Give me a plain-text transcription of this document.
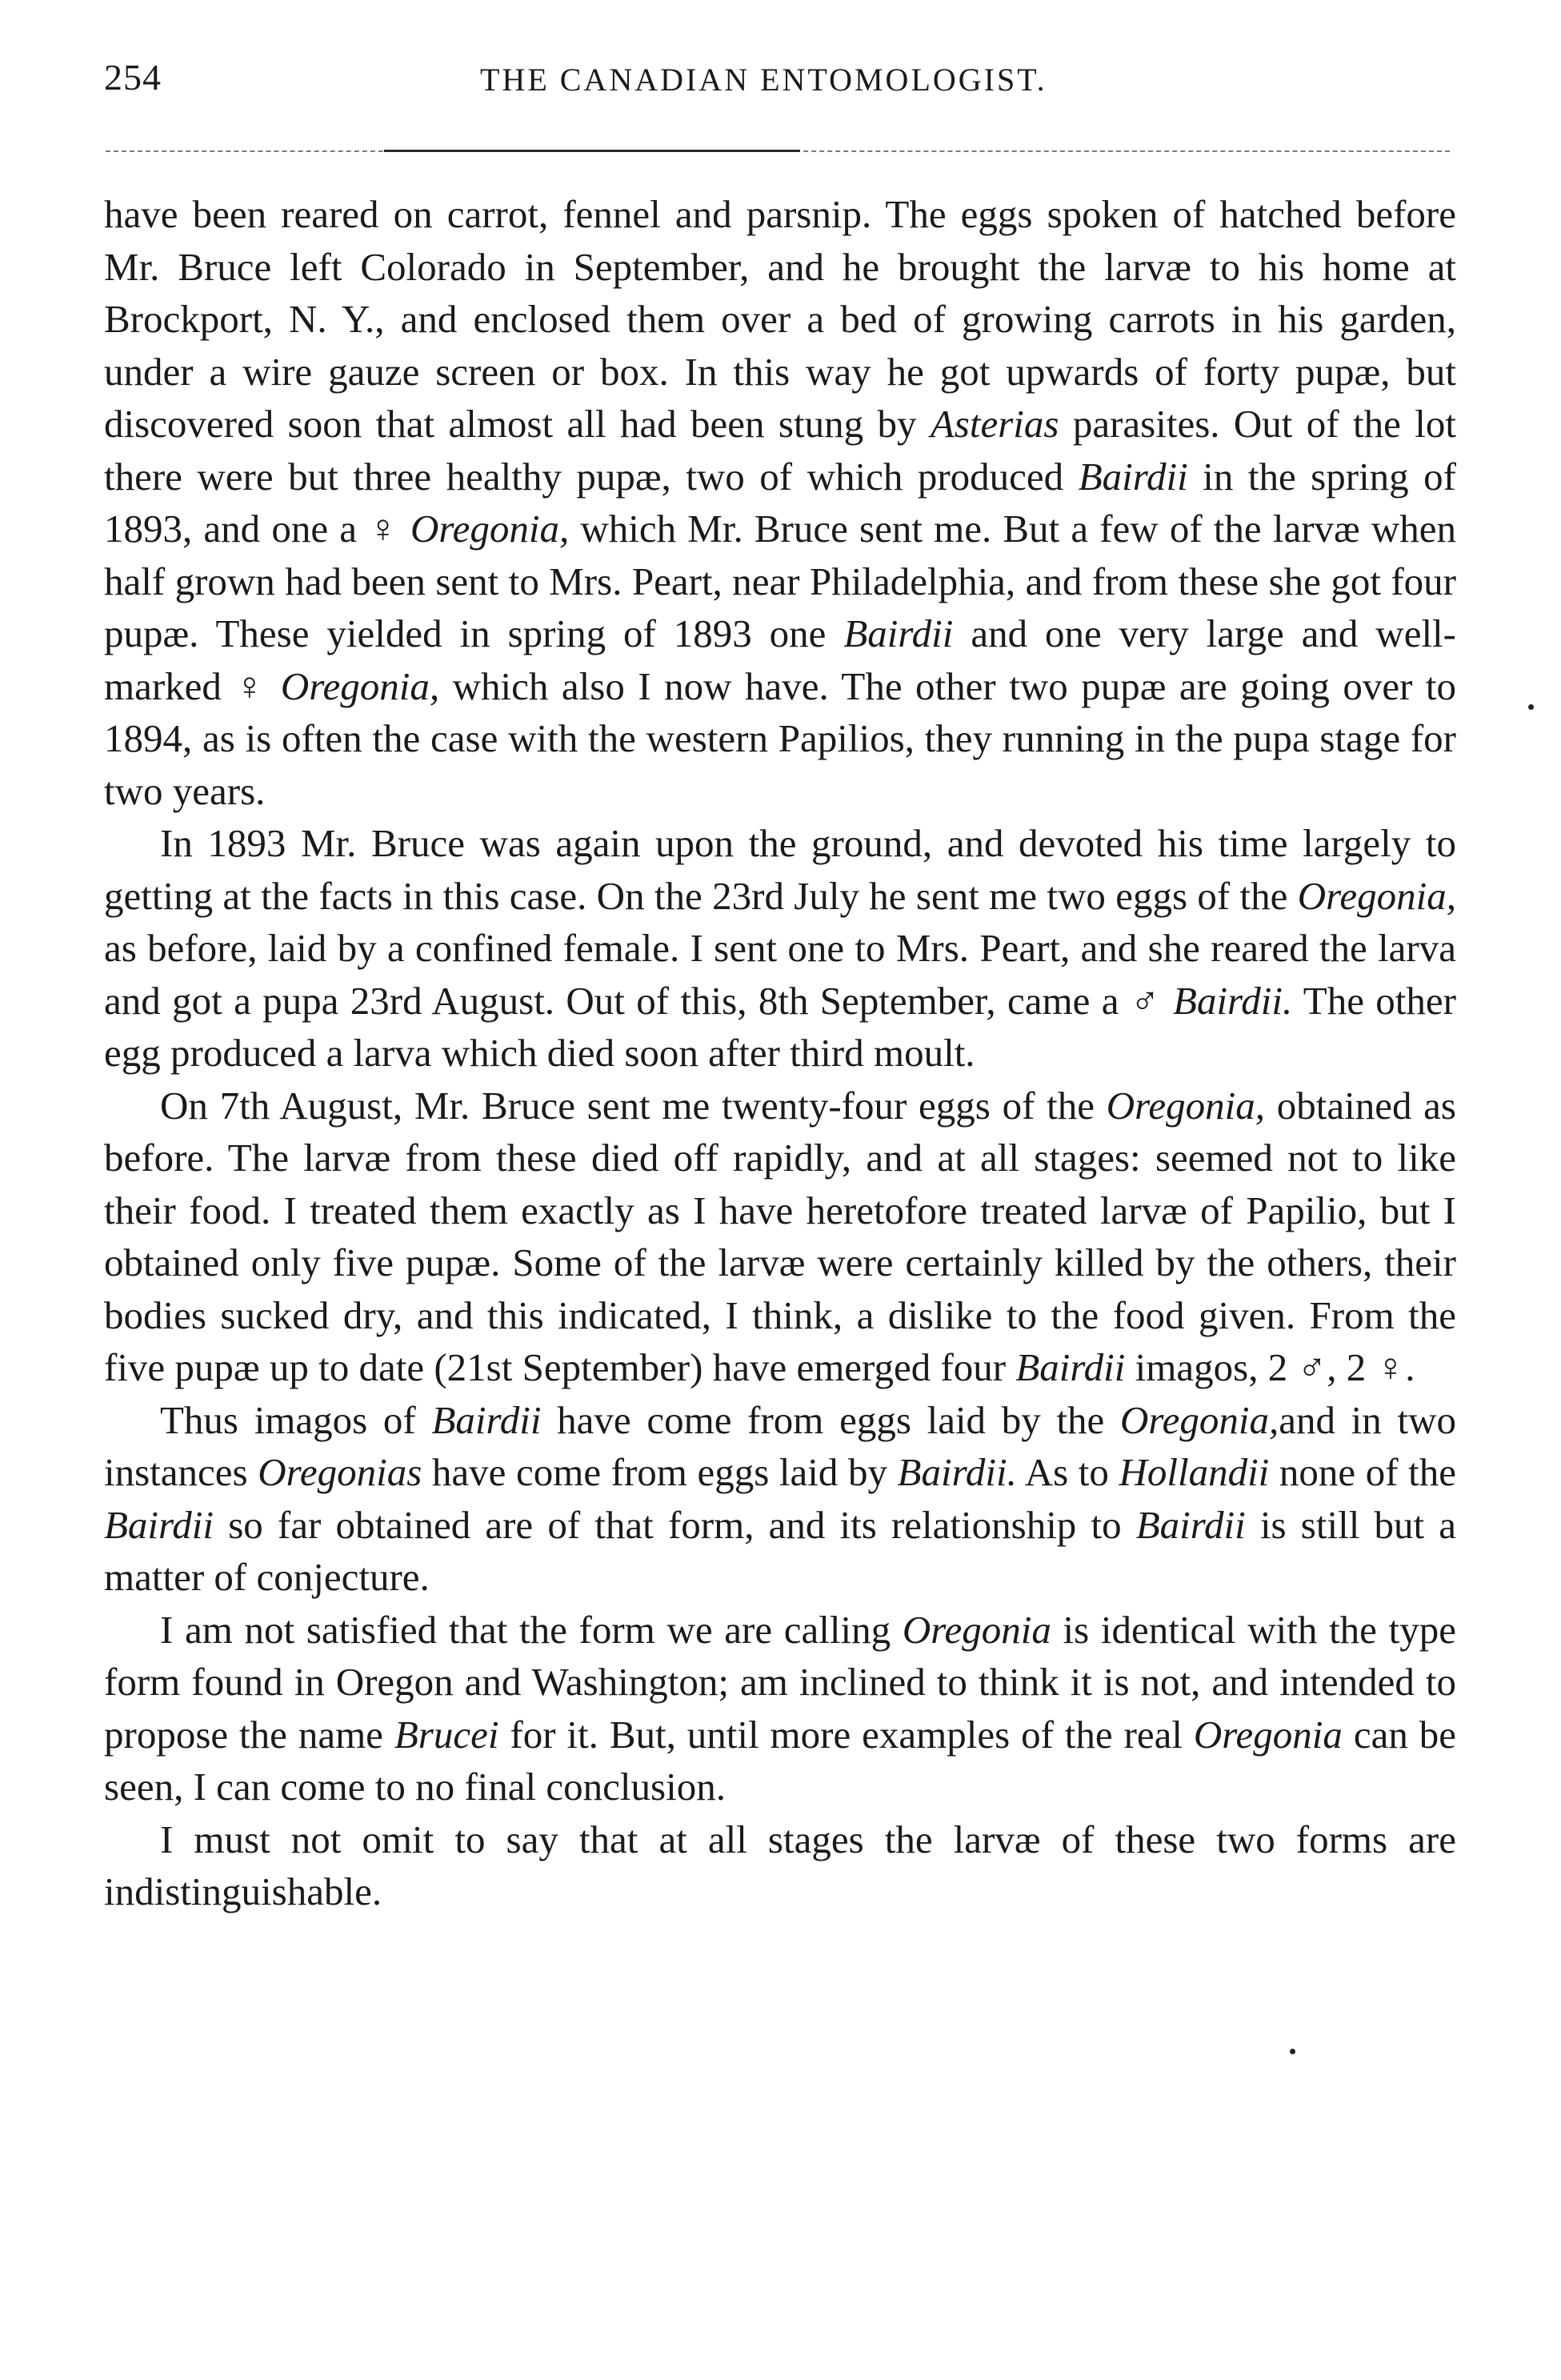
254	THE CANADIAN ENTOMOLOGIST.

have been reared on carrot, fennel and parsnip. The eggs spoken of hatched before Mr. Bruce left Colorado in September, and he brought the larvæ to his home at Brockport, N. Y., and enclosed them over a bed of growing carrots in his garden, under a wire gauze screen or box. In this way he got upwards of forty pupæ, but discovered soon that almost all had been stung by Asterias parasites. Out of the lot there were but three healthy pupæ, two of which produced Bairdii in the spring of 1893, and one a ♀ Oregonia, which Mr. Bruce sent me. But a few of the larvæ when half grown had been sent to Mrs. Peart, near Philadelphia, and from these she got four pupæ. These yielded in spring of 1893 one Bairdii and one very large and well-marked ♀ Oregonia, which also I now have. The other two pupæ are going over to 1894, as is often the case with the western Papilios, they running in the pupa stage for two years.

In 1893 Mr. Bruce was again upon the ground, and devoted his time largely to getting at the facts in this case. On the 23rd July he sent me two eggs of the Oregonia, as before, laid by a confined female. I sent one to Mrs. Peart, and she reared the larva and got a pupa 23rd August. Out of this, 8th September, came a ♂ Bairdii. The other egg produced a larva which died soon after third moult.

On 7th August, Mr. Bruce sent me twenty-four eggs of the Oregonia, obtained as before. The larvæ from these died off rapidly, and at all stages: seemed not to like their food. I treated them exactly as I have heretofore treated larvæ of Papilio, but I obtained only five pupæ. Some of the larvæ were certainly killed by the others, their bodies sucked dry, and this indicated, I think, a dislike to the food given. From the five pupæ up to date (21st September) have emerged four Bairdii imagos, 2 ♂, 2 ♀.

Thus imagos of Bairdii have come from eggs laid by the Oregonia,and in two instances Oregonias have come from eggs laid by Bairdii. As to Hollandii none of the Bairdii so far obtained are of that form, and its relationship to Bairdii is still but a matter of conjecture.

I am not satisfied that the form we are calling Oregonia is identical with the type form found in Oregon and Washington; am inclined to think it is not, and intended to propose the name Brucei for it. But, until more examples of the real Oregonia can be seen, I can come to no final conclusion.

I must not omit to say that at all stages the larvæ of these two forms are indistinguishable.
